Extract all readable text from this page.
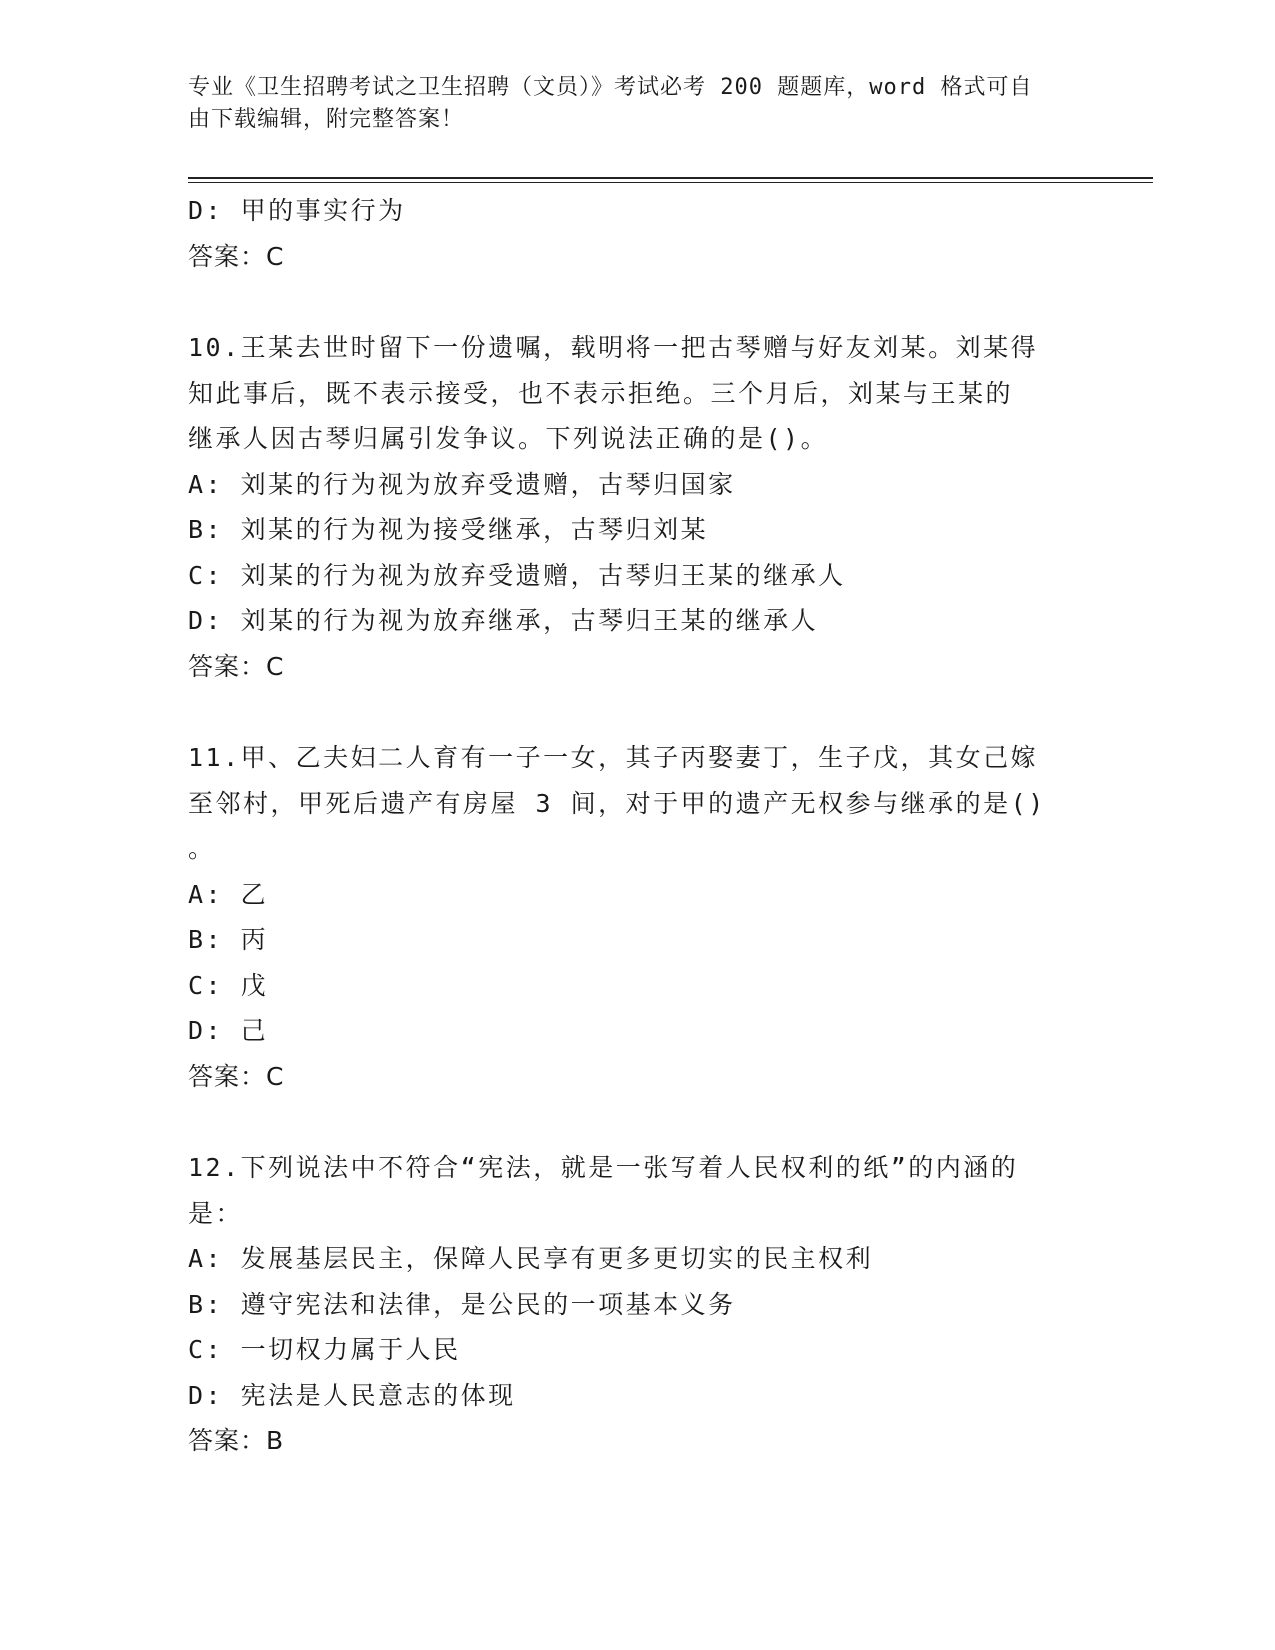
专业《卫生招聘考试之卫生招聘（文员）》考试必考 200 题题库，word 格式可自
由下载编辑，附完整答案！
D: 甲的事实行为
答案：C
10.王某去世时留下一份遗嘱，载明将一把古琴赠与好友刘某。刘某得
知此事后，既不表示接受，也不表示拒绝。三个月后，刘某与王某的
继承人因古琴归属引发争议。下列说法正确的是()。
A: 刘某的行为视为放弃受遗赠，古琴归国家
B: 刘某的行为视为接受继承，古琴归刘某
C: 刘某的行为视为放弃受遗赠，古琴归王某的继承人
D: 刘某的行为视为放弃继承，古琴归王某的继承人
答案：C
11.甲、乙夫妇二人育有一子一女，其子丙娶妻丁，生子戊，其女己嫁
至邻村，甲死后遗产有房屋 3 间，对于甲的遗产无权参与继承的是()
。
A: 乙
B: 丙
C: 戊
D: 己
答案：C
12.下列说法中不符合“宪法，就是一张写着人民权利的纸”的内涵的
是：
A: 发展基层民主，保障人民享有更多更切实的民主权利
B: 遵守宪法和法律，是公民的一项基本义务
C: 一切权力属于人民
D: 宪法是人民意志的体现
答案：B
